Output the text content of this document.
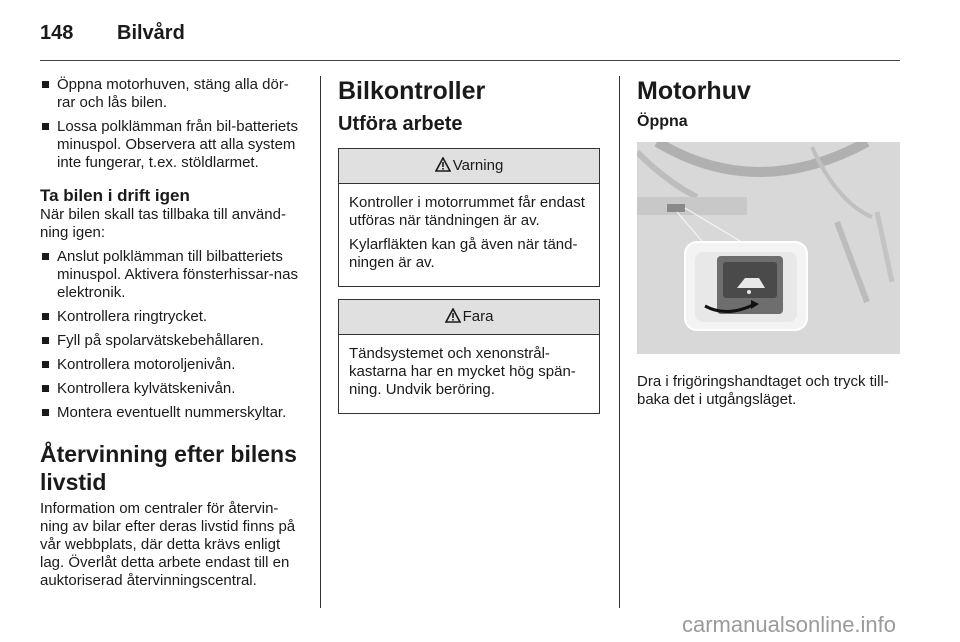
148 Bilvård
Öppna motorhuven, stäng alla dör-rar och lås bilen.
Lossa polklämman från bil-batteriets minuspol. Observera att alla system inte fungerar, t.ex. stöldlarmet.
Ta bilen i drift igen

När bilen skall tas tillbaka till använd-ning igen:

Anslut polklämman till bilbatteriets minuspol. Aktivera fönsterhissar-nas elektronik.
Kontrollera ringtrycket.
Fyll på spolarvätskebehållaren.
Kontrollera motoroljenivån.
Kontrollera kylvätskenivån.
Montera eventuellt nummerskyltar.
Återvinning efter bilens livstid

Information om centraler för återvin-ning av bilar efter deras livstid finns på vår webbplats, där detta krävs enligt lag. Överlåt detta arbete endast till en auktoriserad återvinningscentral.

Bilkontroller
Utföra arbete
Varning

Kontroller i motorrummet får endast utföras när tändningen är av.

Kylarfläkten kan gå även när tänd-ningen är av.

Fara

Tändsystemet och xenonstrål-kastarna har en mycket hög spän-ning. Undvik beröring.

Motorhuv
Öppna

Dra i frigöringshandtaget och tryck till-baka det i utgångsläget.

carmanualsonline.info
